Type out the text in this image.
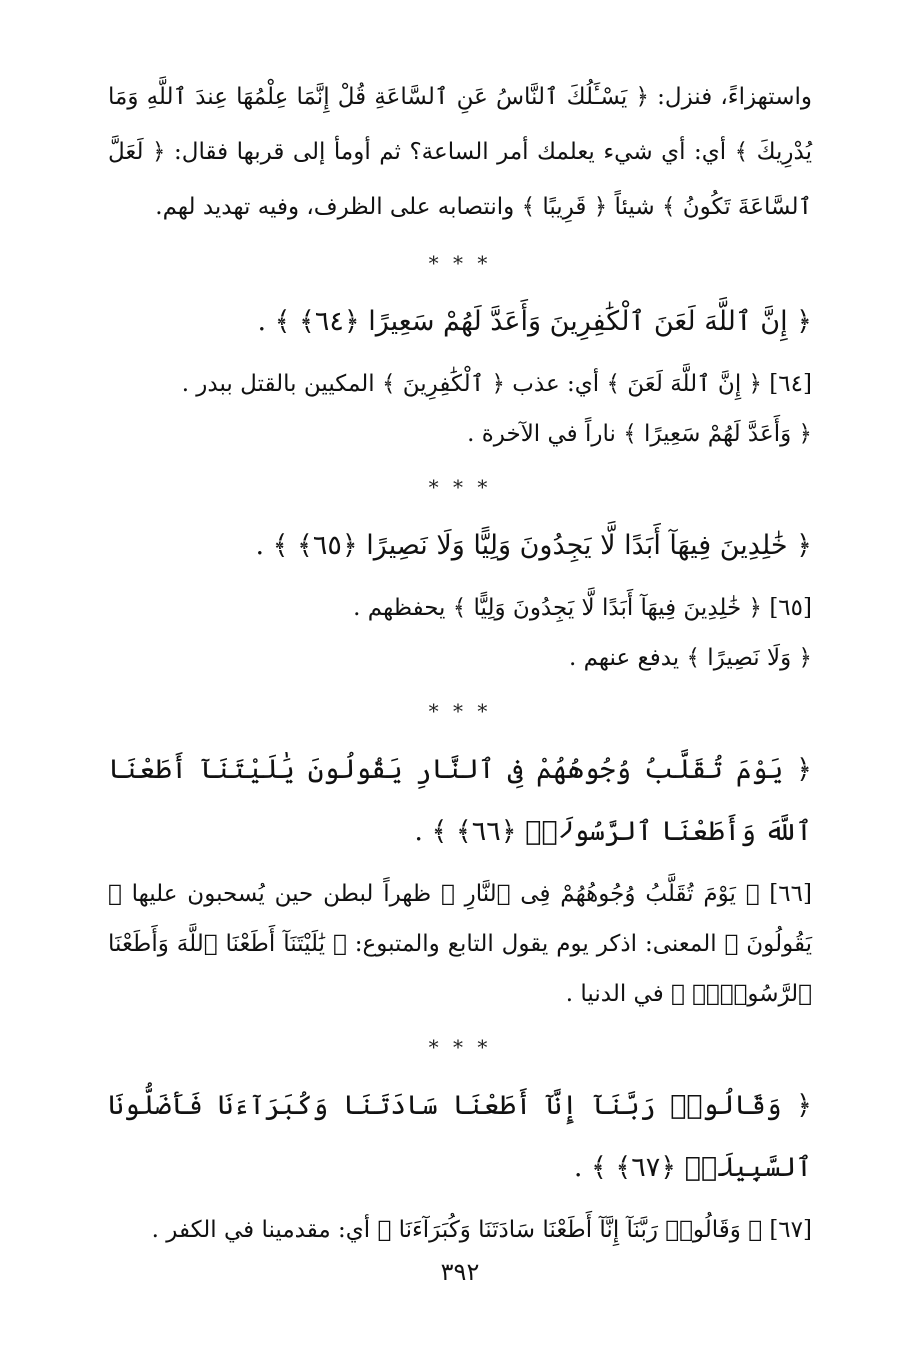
واستهزاءً، فنزل: ﴿ يَسْـَٔلُكَ ٱلنَّاسُ عَنِ ٱلسَّاعَةِ قُلْ إِنَّمَا عِلْمُهَا عِندَ ٱللَّهِ وَمَا يُدْرِيكَ ﴾ أي: أي شيء يعلمك أمر الساعة؟ ثم أومأ إلى قربها فقال: ﴿ لَعَلَّ ٱلسَّاعَةَ تَكُونُ ﴾ شيئاً ﴿ قَرِيبًا ﴾ وانتصابه على الظرف، وفيه تهديد لهم.

* * *

﴿ إِنَّ ٱللَّهَ لَعَنَ ٱلْكَٰفِرِينَ وَأَعَدَّ لَهُمْ سَعِيرًا ﴿٦٤﴾ ﴾ .

[٦٤] ﴿ إِنَّ ٱللَّهَ لَعَنَ ﴾ أي: عذب ﴿ ٱلْكَٰفِرِينَ ﴾ المكيين بالقتل ببدر .

﴿ وَأَعَدَّ لَهُمْ سَعِيرًا ﴾ ناراً في الآخرة .

* * *

﴿ خَٰلِدِينَ فِيهَآ أَبَدًا لَّا يَجِدُونَ وَلِيًّا وَلَا نَصِيرًا ﴿٦٥﴾ ﴾ .

[٦٥] ﴿ خَٰلِدِينَ فِيهَآ أَبَدًا لَّا يَجِدُونَ وَلِيًّا ﴾ يحفظهم .

﴿ وَلَا نَصِيرًا ﴾ يدفع عنهم .

* * *

﴿ يَوْمَ تُقَلَّبُ وُجُوهُهُمْ فِى ٱلنَّارِ يَقُولُونَ يَٰلَيْتَنَآ أَطَعْنَا ٱللَّهَ وَأَطَعْنَا ٱلرَّسُولَا۠ ﴿٦٦﴾ ﴾ .

[٦٦] ﴿ يَوْمَ تُقَلَّبُ وُجُوهُهُمْ فِى ٱلنَّارِ ﴾ ظهراً لبطن حين يُسحبون عليها ﴿ يَقُولُونَ ﴾ المعنى: اذكر يوم يقول التابع والمتبوع: ﴿ يَٰلَيْتَنَآ أَطَعْنَا ٱللَّهَ وَأَطَعْنَا ٱلرَّسُولَا۠ ﴾ في الدنيا .

* * *

﴿ وَقَالُوا۟ رَبَّنَآ إِنَّآ أَطَعْنَا سَادَتَنَا وَكُبَرَآءَنَا فَأَضَلُّونَا ٱلسَّبِيلَا۠ ﴿٦٧﴾ ﴾ .

[٦٧] ﴿ وَقَالُوا۟ رَبَّنَآ إِنَّآ أَطَعْنَا سَادَتَنَا وَكُبَرَآءَنَا ﴾ أي: مقدمينا في الكفر .

٣٩٢
